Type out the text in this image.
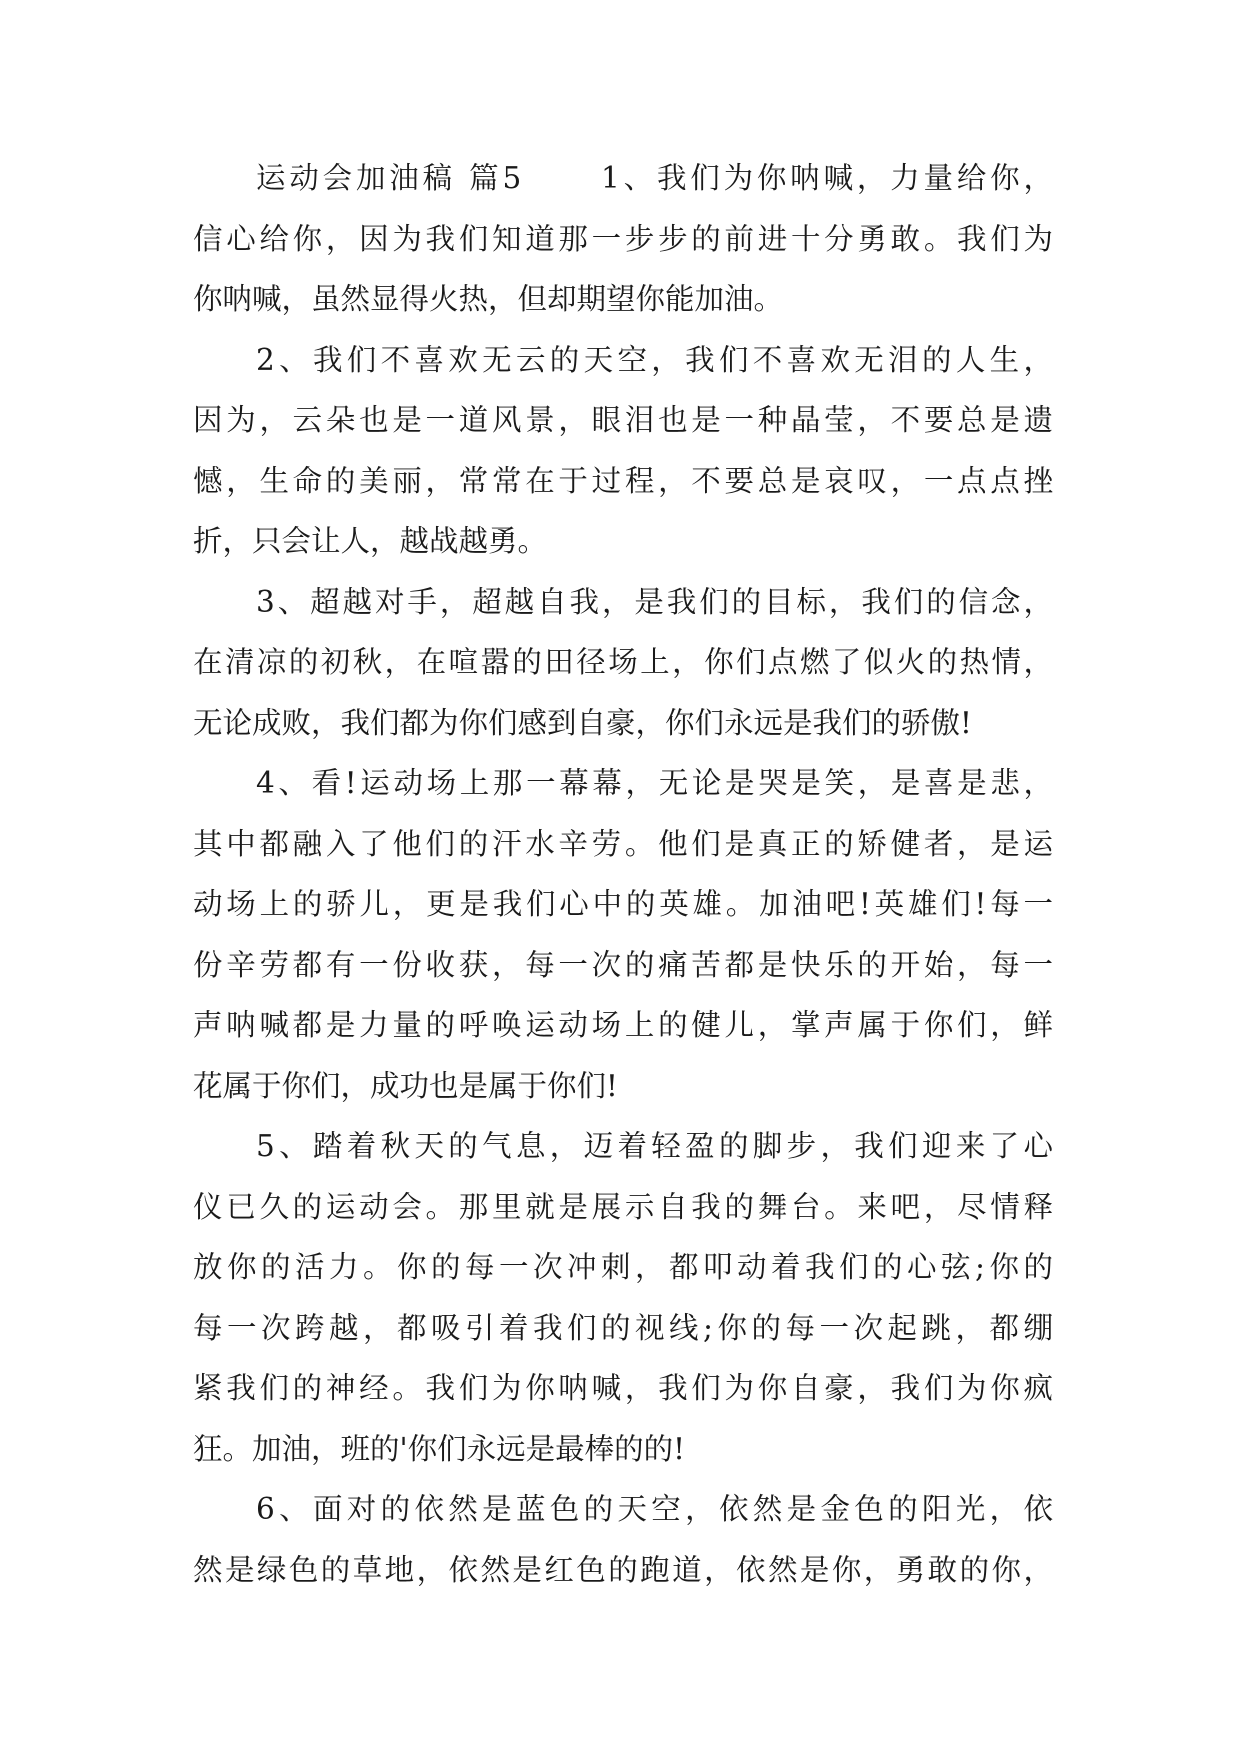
运动会加油稿 篇5 　　1、我们为你呐喊，力量给你，
信心给你，因为我们知道那一步步的前进十分勇敢。我们为
你呐喊，虽然显得火热，但却期望你能加油。
2、我们不喜欢无云的天空，我们不喜欢无泪的人生，
因为，云朵也是一道风景，眼泪也是一种晶莹，不要总是遗
憾，生命的美丽，常常在于过程，不要总是哀叹，一点点挫
折，只会让人，越战越勇。
3、超越对手，超越自我，是我们的目标，我们的信念，
在清凉的初秋，在喧嚣的田径场上，你们点燃了似火的热情，
无论成败，我们都为你们感到自豪，你们永远是我们的骄傲!
4、看!运动场上那一幕幕，无论是哭是笑，是喜是悲，
其中都融入了他们的汗水辛劳。他们是真正的矫健者，是运
动场上的骄儿，更是我们心中的英雄。加油吧!英雄们!每一
份辛劳都有一份收获，每一次的痛苦都是快乐的开始，每一
声呐喊都是力量的呼唤运动场上的健儿，掌声属于你们，鲜
花属于你们，成功也是属于你们!
5、踏着秋天的气息，迈着轻盈的脚步，我们迎来了心
仪已久的运动会。那里就是展示自我的舞台。来吧，尽情释
放你的活力。你的每一次冲刺，都叩动着我们的心弦;你的
每一次跨越，都吸引着我们的视线;你的每一次起跳，都绷
紧我们的神经。我们为你呐喊，我们为你自豪，我们为你疯
狂。加油，班的'你们永远是最棒的的!
6、面对的依然是蓝色的天空，依然是金色的阳光，依
然是绿色的草地，依然是红色的跑道，依然是你，勇敢的你，
